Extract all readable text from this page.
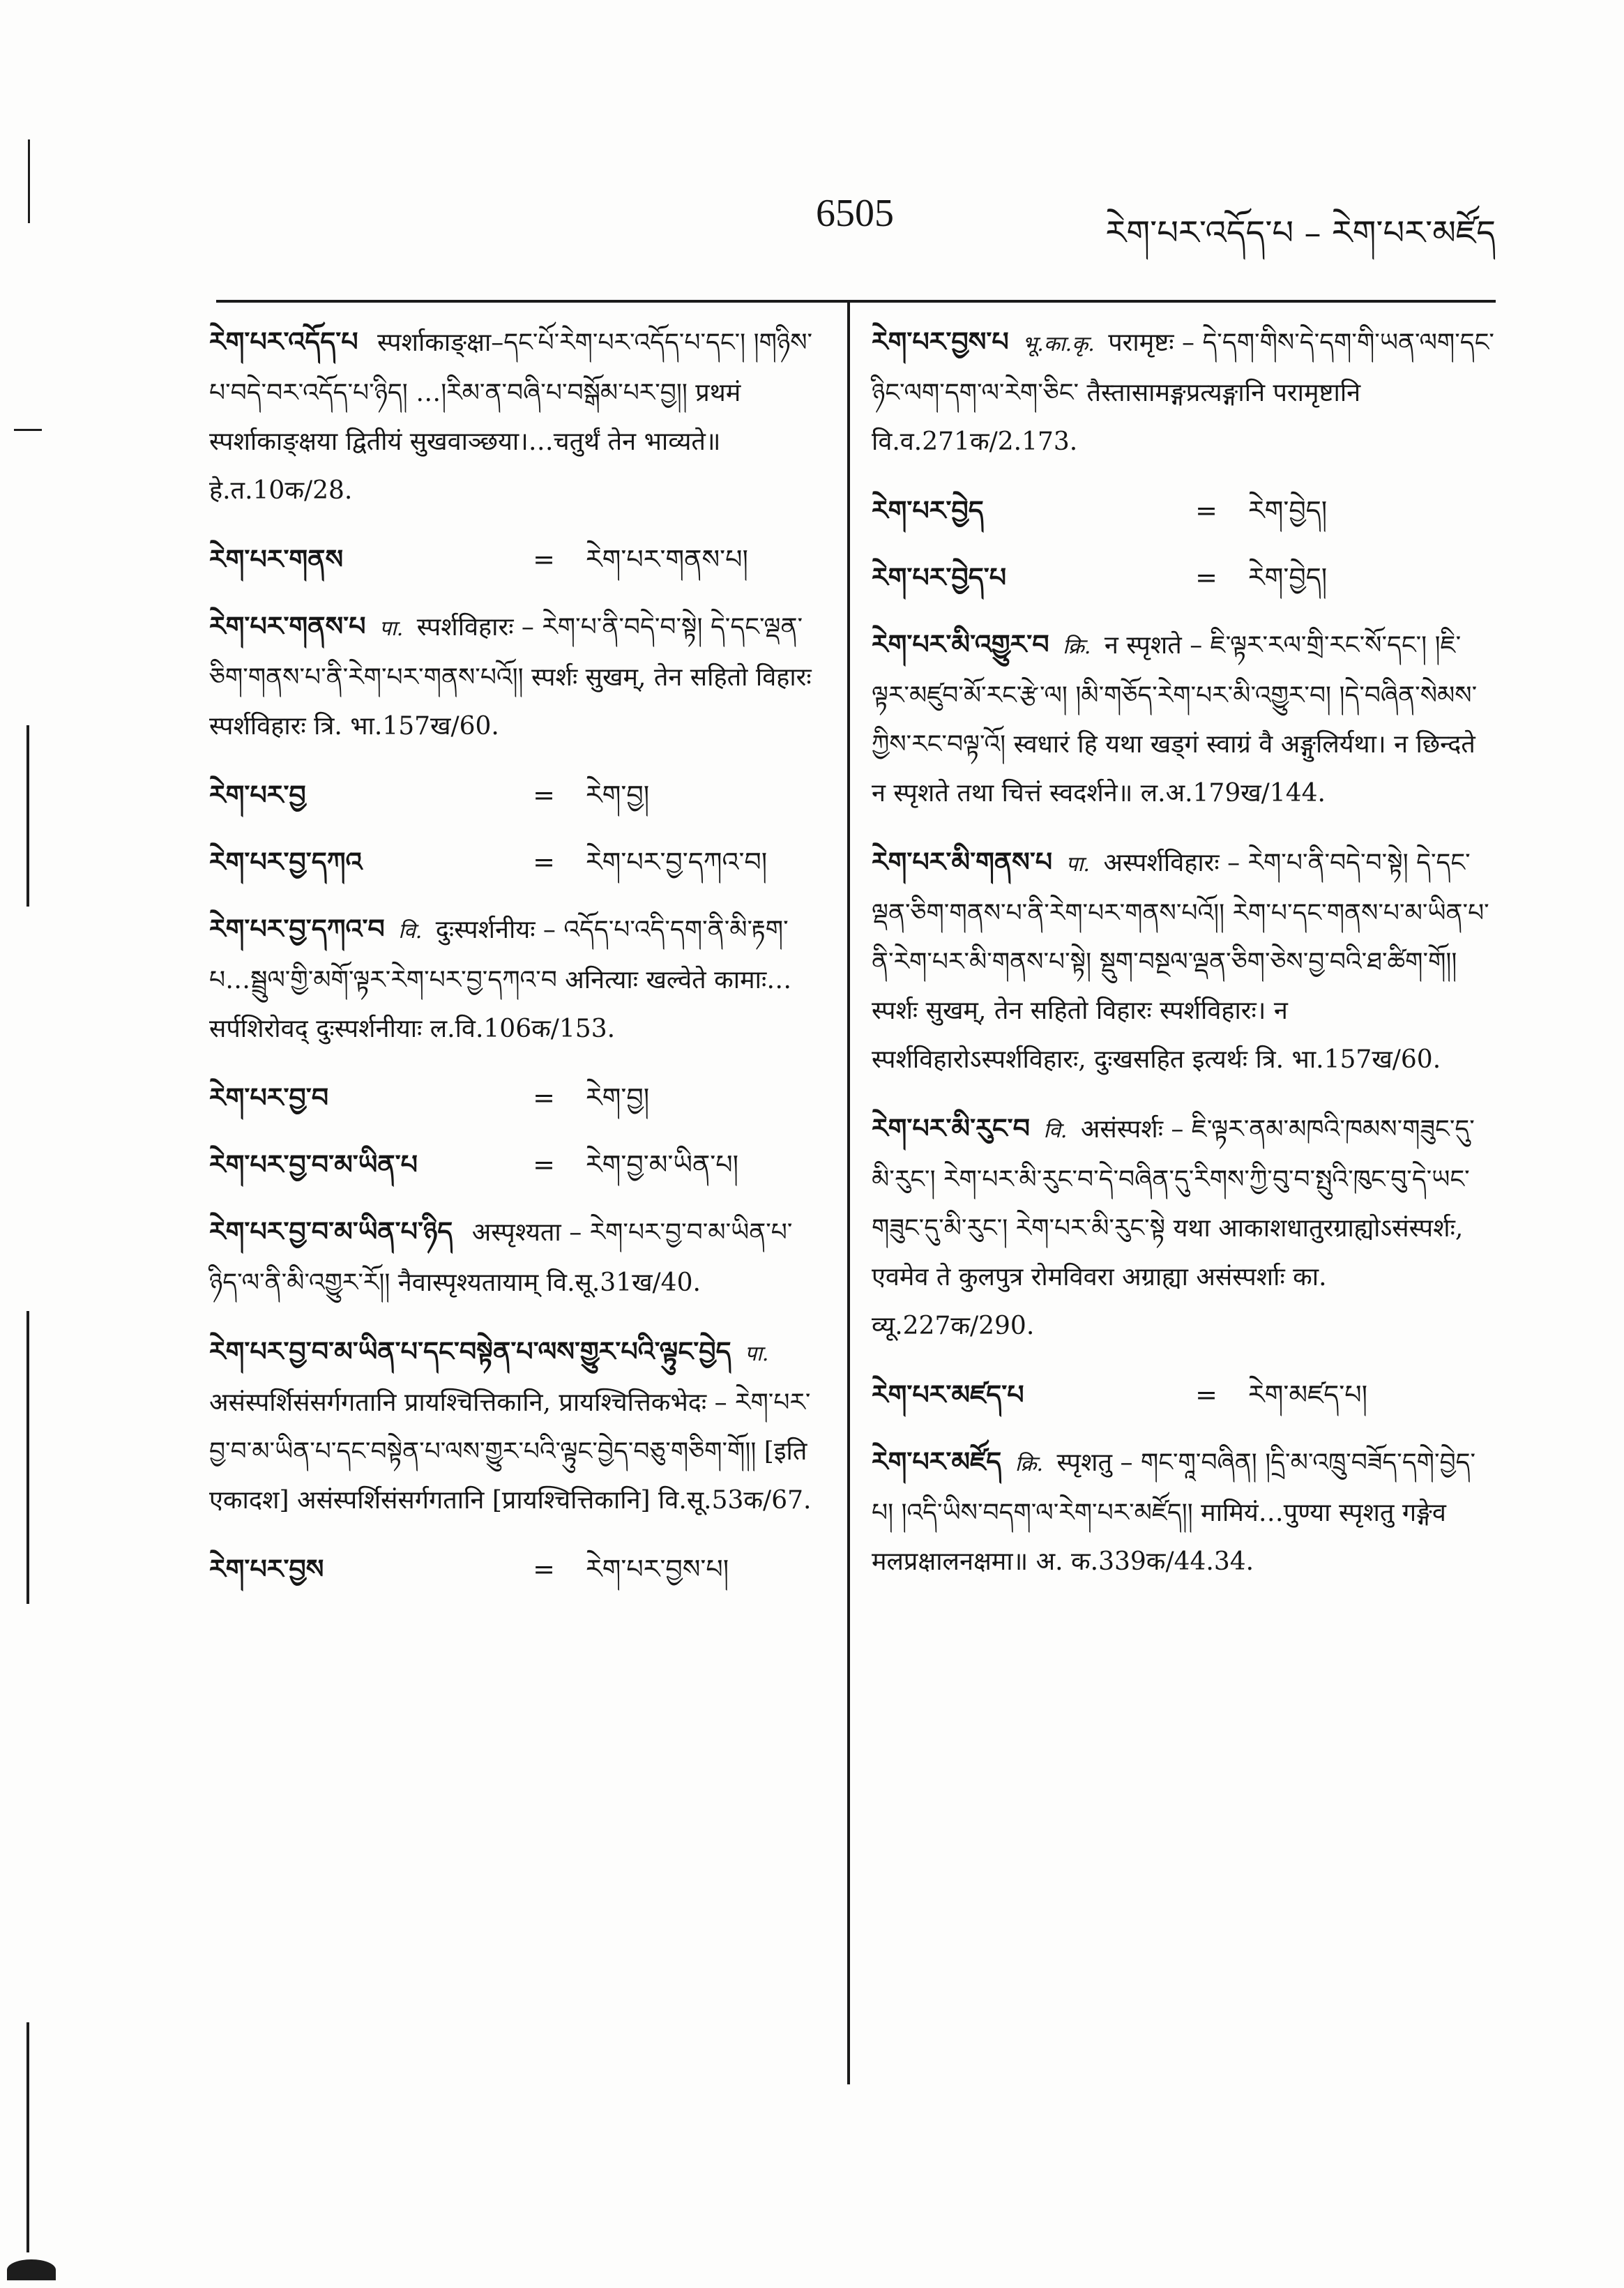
6505	རེག་པར་འདོད་པ – རེག་པར་མཛོད
རེག་པར་འདོད་པ स्पर्शाकाङ्क्षा–དང་པོ་རེག་པར་འདོད་པ་དང་། །གཉིས་པ་བདེ་བར་འདོད་པ་ཉིད། …།རིམ་ན་བཞི་པ་བསྒོམ་པར་བྱ།། प्रथमं स्पर्शाकाङ्क्षया द्वितीयं सुखवाञ्छया।…चतुर्थं तेन भाव्यते॥ हे.त.10क/28.
རེག་པར་གནས	=	རེག་པར་གནས་པ།
རེག་པར་གནས་པ पा. स्पर्शविहारः – རེག་པ་ནི་བདེ་བ་སྟེ། དེ་དང་ལྡན་ཅིག་གནས་པ་ནི་རེག་པར་གནས་པའོ།། स्पर्शः सुखम्, तेन सहितो विहारः स्पर्शविहारः त्रि. भा.157ख/60.
རེག་པར་བྱ	=	རེག་བྱ།
རེག་པར་བྱ་དཀའ	=	རེག་པར་བྱ་དཀའ་བ།
རེག་པར་བྱ་དཀའ་བ वि. दुःस्पर्शनीयः – འདོད་པ་འདི་དག་ནི་མི་རྟག་པ…སྦྲུལ་གྱི་མགོ་ལྟར་རེག་པར་བྱ་དཀའ་བ अनित्याः खल्वेते कामाः…सर्पशिरोवद् दुःस्पर्शनीयाः ल.वि.106क/153.
རེག་པར་བྱ་བ	=	རེག་བྱ།
རེག་པར་བྱ་བ་མ་ཡིན་པ	=	རེག་བྱ་མ་ཡིན་པ།
རེག་པར་བྱ་བ་མ་ཡིན་པ་ཉིད अस्पृश्यता – རེག་པར་བྱ་བ་མ་ཡིན་པ་ཉིད་ལ་ནི་མི་འགྱུར་རོ།། नैवास्पृश्यतायाम् वि.सू.31ख/40.
རེག་པར་བྱ་བ་མ་ཡིན་པ་དང་བསྟེན་པ་ལས་གྱུར་པའི་ལྟུང་བྱེད पा. असंस्पर्शिसंसर्गगतानि प्रायश्चित्तिकानि, प्रायश्चित्तिकभेदः – རེག་པར་བྱ་བ་མ་ཡིན་པ་དང་བསྟེན་པ་ལས་གྱུར་པའི་ལྟུང་བྱེད་བཅུ་གཅིག་གོ།། [इति एकादश] असंस्पर्शिसंसर्गगतानि [प्रायश्चित्तिकानि] वि.सू.53क/67.
རེག་པར་བྱས	=	རེག་པར་བྱས་པ།
རེག་པར་བྱས་པ भू.का.कृ. परामृष्टः – དེ་དག་གིས་དེ་དག་གི་ཡན་ལག་དང་ཉིང་ལག་དག་ལ་རེག་ཅིང་ तैस्तासामङ्गप्रत्यङ्गानि परामृष्टानि वि.व.271क/2.173.
རེག་པར་བྱེད	=	རེག་བྱེད།
རེག་པར་བྱེད་པ	=	རེག་བྱེད།
རེག་པར་མི་འགྱུར་བ क्रि. न स्पृशते – ཇི་ལྟར་རལ་གྲི་རང་སོ་དང་། །ཇི་ལྟར་མཛུབ་མོ་རང་རྩེ་ལ། །མི་གཅོད་རེག་པར་མི་འགྱུར་བ། །དེ་བཞིན་སེམས་ཀྱིས་རང་བལྟ་འོ། स्वधारं हि यथा खड्गं स्वाग्रं वै अङ्गुलिर्यथा। न छिन्दते न स्पृशते तथा चित्तं स्वदर्शने॥ ल.अ.179ख/144.
རེག་པར་མི་གནས་པ पा. अस्पर्शविहारः – རེག་པ་ནི་བདེ་བ་སྟེ། དེ་དང་ལྡན་ཅིག་གནས་པ་ནི་རེག་པར་གནས་པའོ།། རེག་པ་དང་གནས་པ་མ་ཡིན་པ་ནི་རེག་པར་མི་གནས་པ་སྟེ། སྡུག་བསྔལ་ལྡན་ཅིག་ཅེས་བྱ་བའི་ཐ་ཚིག་གོ།། स्पर्शः सुखम्, तेन सहितो विहारः स्पर्शविहारः। न स्पर्शविहारोऽस्पर्शविहारः, दुःखसहित इत्यर्थः त्रि. भा.157ख/60.
རེག་པར་མི་རུང་བ वि. असंस्पर्शः – ཇི་ལྟར་ནམ་མཁའི་ཁམས་གཟུང་དུ་མི་རུང་། རེག་པར་མི་རུང་བ་དེ་བཞིན་དུ་རིགས་ཀྱི་བུ་བ་སྤུའི་ཁུང་བུ་དེ་ཡང་གཟུང་དུ་མི་རུང་། རེག་པར་མི་རུང་སྟེ यथा आकाशधातुरग्राह्योऽसंस्पर्शः, एवमेव ते कुलपुत्र रोमविवरा अग्राह्या असंस्पर्शाः का. व्यू.227क/290.
རེག་པར་མཛད་པ	=	རེག་མཛད་པ།
རེག་པར་མཛོད क्रि. स्पृशतु – གང་གཱ་བཞིན། །དྲི་མ་འཁྲུ་བཟོད་དགེ་བྱེད་པ། །འདི་ཡིས་བདག་ལ་རེག་པར་མཛོད།། मामियं…पुण्या स्पृशतु गङ्गेव मलप्रक्षालनक्षमा॥ अ. क.339क/44.34.
